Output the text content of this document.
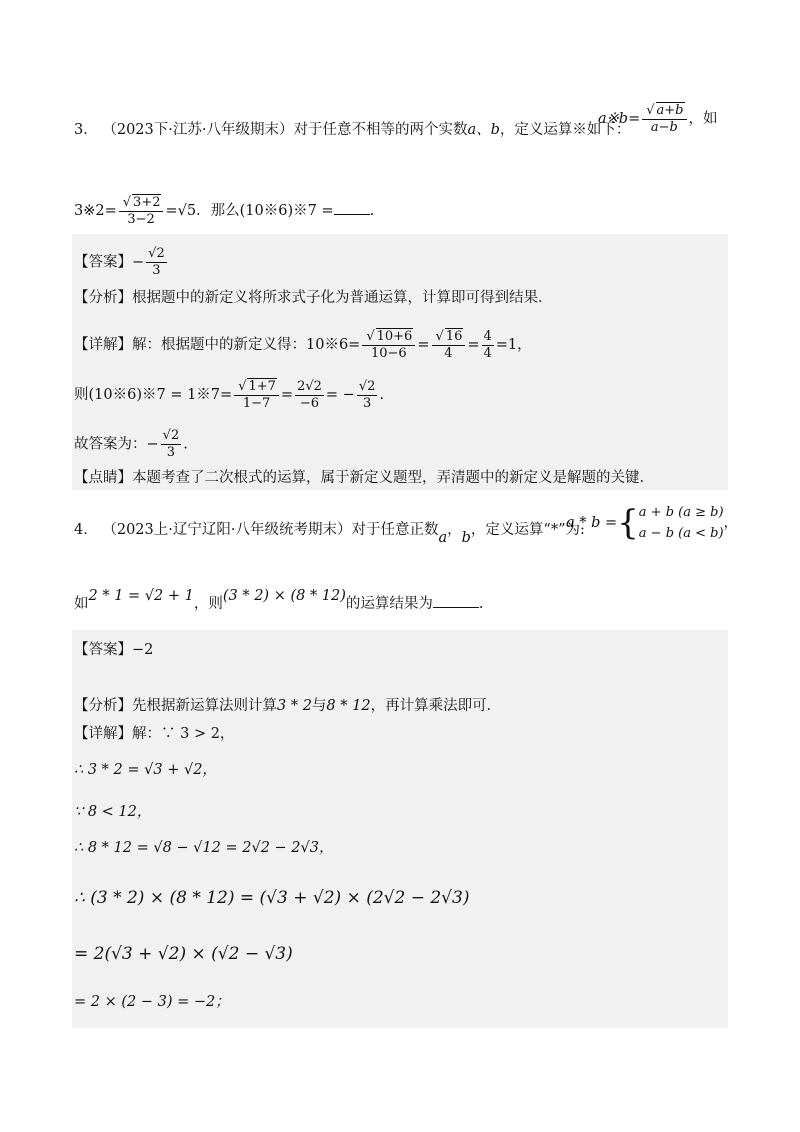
3． （2023下·江苏·八年级期末）对于任意不相等的两个实数a、b，定义运算※如下：
a※b= $\frac{√ a+b}{a-b}$ ，如
3※2= $\frac{√ 3+2}{3-2} =√5$．那么(10※6)※7 = .
【答案】− $\frac{√2}{3}$
【分析】根据题中的新定义将所求式子化为普通运算，计算即可得到结果．
【详解】解：根据题中的新定义得：10※6= $\frac{√ 10+6}{10-6} = \frac{√ 16}{4} = \frac{4}{4} =1$，
则(10※6)※7 = 1※7= $\frac{√ 1+7}{1-7} = \frac{2√2}{-6}$ = − $\frac{√2}{3}$ .
故答案为：− $\frac{√2}{3}$ .
【点睛】本题考查了二次根式的运算，属于新定义题型，弄清题中的新定义是解题的关键．
4． （2023上·辽宁辽阳·八年级统考期末）对于任意正数a，b，定义运算“*”为:
a * b ={ a + b (a ≥ b)
a − b (a < b)
，
如2 * 1 = √2 + 1，则(3 * 2) × (8 * 12)的运算结果为	.
【答案】−2
【分析】先根据新运算法则计算3 * 2与8 * 12，再计算乘法即可．
【详解】解：∵ 3 > 2，
∴ 3 * 2 = √3 + √2，
∵ 8 < 12，
∴ 8 * 12 = √8 − √12 = 2√2 − 2√3，
∴ (3 * 2) × (8 * 12) = (√3 + √2) × (2√2 − 2√3)
= 2(√3 + √2) × (√2 − √3)
= 2 × (2 − 3) = −2；
